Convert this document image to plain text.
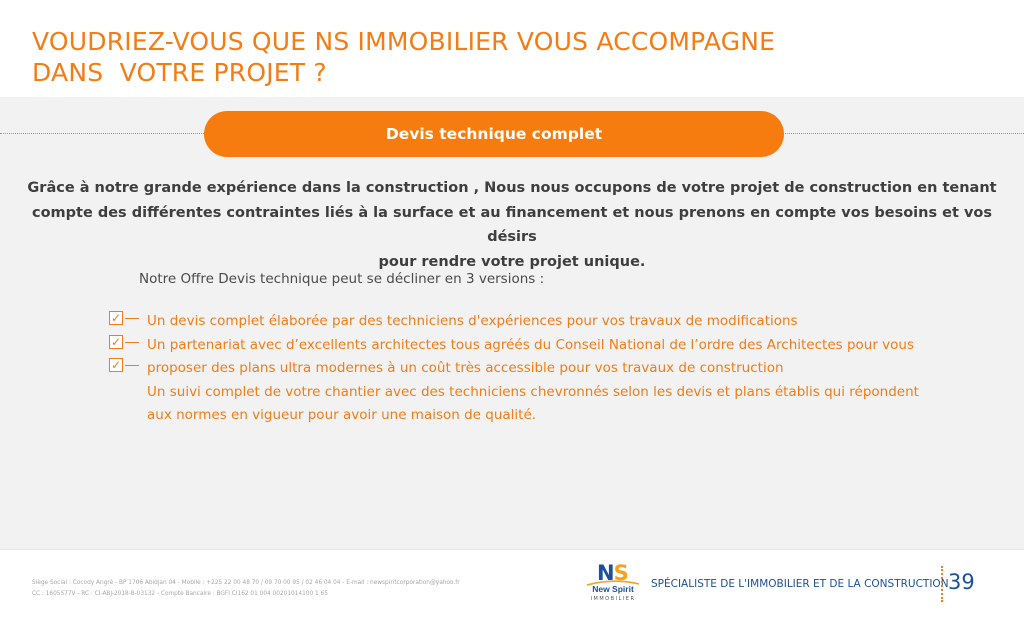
VOUDRIEZ-VOUS QUE NS IMMOBILIER VOUS ACCOMPAGNE
DANS  VOTRE PROJET ?
Devis technique complet
Grâce à notre grande expérience dans la construction , Nous nous occupons de votre projet de construction en tenant
compte des différentes contraintes liés à la surface et au financement et nous prenons en compte vos besoins et vos désirs
pour rendre votre projet unique.

Notre Offre Devis technique peut se décliner en 3 versions :

✓
✓
✓
Un devis complet élaborée par des techniciens d'expériences pour vos travaux de modifications
Un partenariat avec d’excellents architectes tous agréés du Conseil National de l’ordre des Architectes pour vous
proposer des plans ultra modernes à un coût très accessible pour vos travaux de construction
Un suivi complet de votre chantier avec des techniciens chevronnés selon les devis et plans établis qui répondent
aux normes en vigueur pour avoir une maison de qualité.
Siège Social : Cocody Angré - BP 1706 Abidjan 04 - Mobile : +225 22 00 48 70 / 09 70 00 95 / 02 46 04 04 - E-mail : newspiritcorporation@yahoo.fr
CC : 1605577V - RC : CI-ABJ-2018-B-03132 - Compte Bancaire : BGFI CI162 01 004 00201014100 1 65
NS
New Spirit
IMMOBILIER

SPÉCIALISTE DE L'IMMOBILIER ET DE LA CONSTRUCTION 39
